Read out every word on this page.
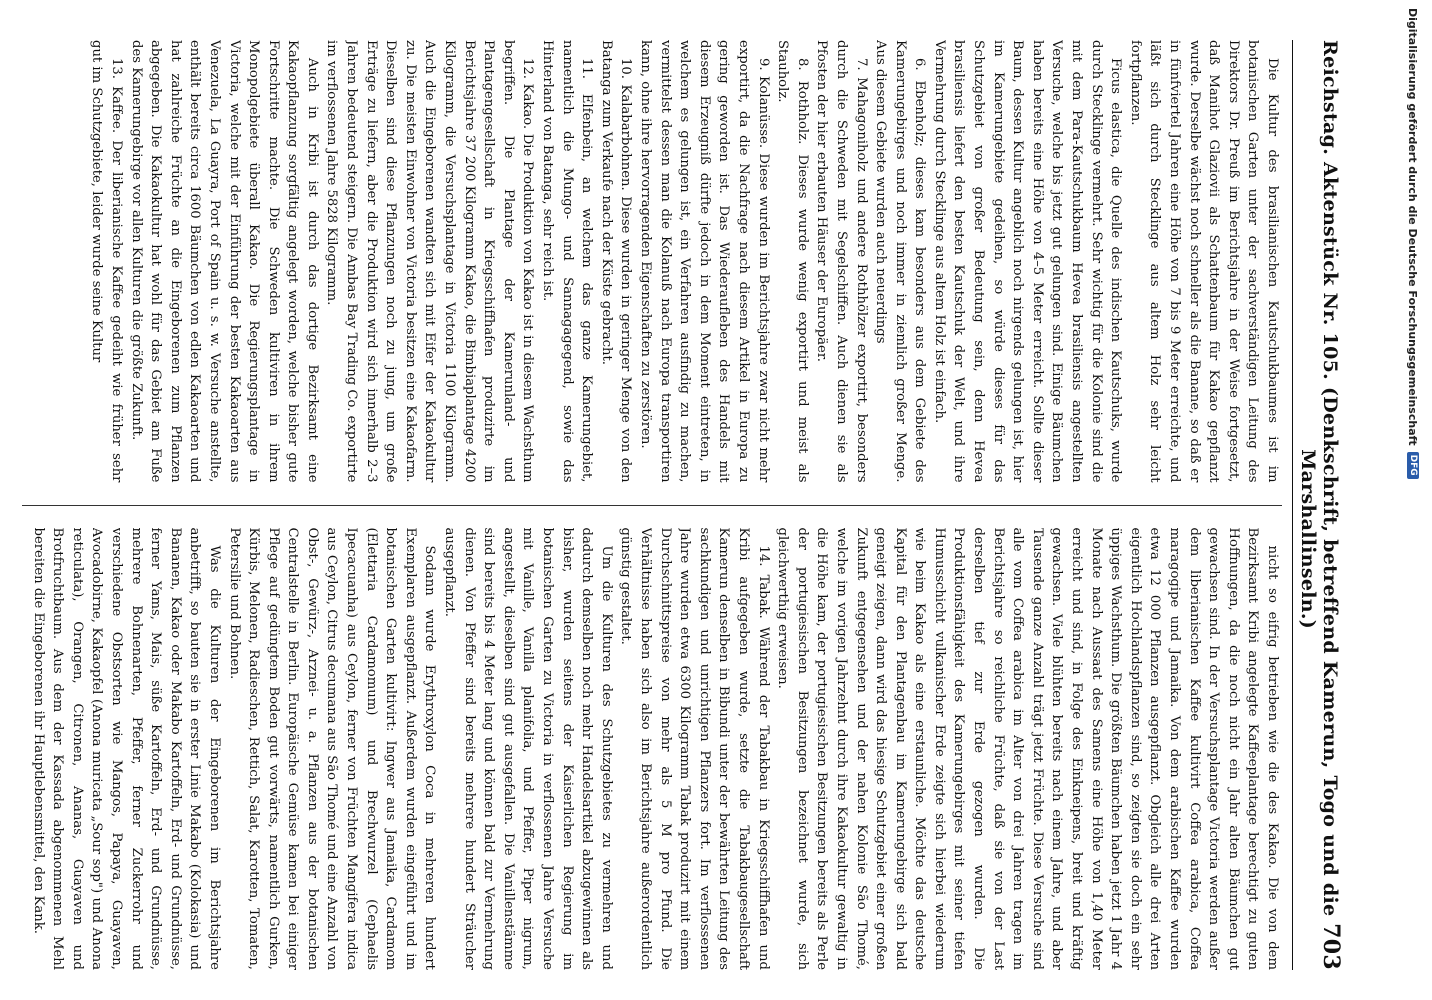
Reichstag.
Aktenstück Nr. 105. (Denkschrift, betreffend Kamerun, Togo und die Marshallinseln.)
703

Die Kultur des brasilianischen Kautschukbaumes ist im botanischen Garten unter der sachverständigen Leitung des Direktors Dr. Preuß im Berichtsjahre in der Weise fortgesetzt, daß Manihot Glaziovii als Schattenbaum für Kakao gepflanzt wurde. Derselbe wächst noch schneller als die Banane, so daß er in fünfviertel Jahren eine Höhe von 7 bis 9 Meter erreichte, und läßt sich durch Stecklinge aus altem Holz sehr leicht fortpflanzen.

Ficus elastica, die Quelle des indischen Kautschuks, wurde durch Stecklinge vermehrt. Sehr wichtig für die Kolonie sind die mit dem Para-Kautschukbaum Hevea brasiliensis angestellten Versuche, welche bis jetzt gut gelungen sind. Einige Bäumchen haben bereits eine Höhe von 4–5 Meter erreicht. Sollte dieser Baum, dessen Kultur angeblich noch nirgends gelungen ist, hier im Kamerungebiete gedeihen, so würde dieses für das Schutzgebiet von großer Bedeutung sein, denn Hevea brasiliensis liefert den besten Kautschuk der Welt, und ihre Vermehrung durch Stecklinge aus altem Holz ist einfach.

6. Ebenholz; dieses kam besonders aus dem Gebiete des Kamerungebirges und noch immer in ziemlich großer Menge. Aus diesem Gebiete wurden auch neuerdings

7. Mahagoniholz und andere Rothhölzer exportirt, besonders durch die Schweden mit Segelschiffen. Auch dienen sie als Pfosten der hier erbauten Häuser der Europäer.

8. Rothholz. Dieses wurde wenig exportirt und meist als Stauholz.

9. Kolanüsse. Diese wurden im Berichtsjahre zwar nicht mehr exportirt, da die Nachfrage nach diesem Artikel in Europa zu gering geworden ist. Das Wiederaufleben des Handels mit diesem Erzeugniß dürfte jedoch in dem Moment eintreten, in welchem es gelungen ist, ein Verfahren ausfindig zu machen, vermittelst dessen man die Kolanuß nach Europa transportiren kann, ohne ihre hervorragenden Eigenschaften zu zerstören.

10. Kalabarbohnen. Diese wurden in geringer Menge von den Batanga zum Verkaufe nach der Küste gebracht.

11. Elfenbein, an welchem das ganze Kamerungebiet, namentlich die Mungo- und Sannagagegend, sowie das Hinterland von Batanga, sehr reich ist.

12. Kakao. Die Produktion von Kakao ist in diesem Wachsthum begriffen. Die Plantage der Kamerunland- und Plantagengesellschaft in Kriegsschiffhafen produzirte im Berichtsjahre 37 200 Kilogramm Kakao, die Bimbiaplantage 4200 Kilogramm, die Versuchsplantage in Victoria 1100 Kilogramm. Auch die Eingeborenen wandten sich mit Eifer der Kakaokultur zu. Die meisten Einwohner von Victoria besitzen eine Kakaofarm. Dieselben sind diese Pflanzungen noch zu jung, um große Erträge zu liefern, aber die Produktion wird sich innerhalb 2–3 Jahren bedeutend steigern. Die Ambas Bay Trading Co. exportirte im verflossenen Jahre 5828 Kilogramm.

Auch in Kribi ist durch das dortige Bezirksamt eine Kakaopflanzung sorgfältig angelegt worden, welche bisher gute Fortschritte machte. Die Schweden kultiviren in ihrem Monopolgebiete überall Kakao. Die Regierungsplantage in Victoria, welche mit der Einführung der besten Kakaoarten aus Venezuela, La Guayra, Port of Spain u. s. w. Versuche anstellte, enthält bereits circa 1600 Bäumchen von edlen Kakaoarten und hat zahlreiche Früchte an die Eingeborenen zum Pflanzen abgegeben. Die Kakaokultur hat wohl für das Gebiet am Fuße des Kamerungebirge vor allen Kulturen die größte Zukunft.

13. Kaffee. Der liberianische Kaffee gedeiht wie früher sehr gut im Schutzgebiete, leider wurde seine Kultur

nicht so eifrig betrieben wie die des Kakao. Die von dem Bezirksamt Kribi angelegte Kaffeeplantage berechtigt zu guten Hoffnungen, da die noch nicht ein Jahr alten Bäumchen gut gewachsen sind. In der Versuchsplantage Victoria werden außer dem liberianischen Kaffee kultivirt Coffea arabica, Coffea maragogipe und Jamaika. Von dem arabischen Kaffee wurden etwa 12 000 Pflanzen ausgepflanzt. Obgleich alle drei Arten eigentlich Hochlandspflanzen sind, so zeigten sie doch ein sehr üppiges Wachsthum. Die größten Bäumchen haben jetzt 1 Jahr 4 Monate nach Aussaat des Samens eine Höhe von 1,40 Meter erreicht und sind, in Folge des Einkneipens, breit und kräftig gewachsen. Viele blühten bereits nach einem Jahre, und aber Tausende ganze Anzahl trägt jetzt Früchte. Diese Versuche sind alle vom Coffea arabica im Alter von drei Jahren tragen im Berichtsjahre so reichliche Früchte, daß sie von der Last derselben tief zur Erde gezogen wurden. Die Produktionsfähigkeit des Kamerungebirges mit seiner tiefen Humusschicht vulkanischer Erde zeigte sich hierbei wiederum wie beim Kakao als eine erstaunliche. Möchte das deutsche Kapital für den Plantagenbau im Kamerungebirge sich bald geneigt zeigen, dann wird das hiesige Schutzgebiet einer großen Zukunft entgegensehen und der nahen Kolonie São Thomé, welche im vorigen Jahrzehnt durch ihre Kakaokultur gewaltig in die Höhe kam, der portugiesischen Besitzungen bereits als Perle der portugiesischen Besitzungen bezeichnet wurde, sich gleichwerthig erweisen.

14. Tabak. Während der Tabakbau in Kriegsschiffhafen und Kribi aufgegeben wurde, setzte die Tabakbaugesellschaft Kamerun denselben in Bibundi unter der bewährten Leitung des sachkundigen und unrichtigen Pflanzers fort. Im verflossenen Jahre wurden etwa 6300 Kilogramm Tabak produzirt mit einem Durchschnittspreise von mehr als 5 M pro Pfund. Die Verhältnisse haben sich also im Berichtsjahre außerordentlich günstig gestaltet.

Um die Kulturen des Schutzgebietes zu vermehren und dadurch demselben noch mehr Handelsartikel abzugewinnen als bisher, wurden seitens der Kaiserlichen Regierung im botanischen Garten zu Victoria in verflossenen Jahre Versuche mit Vanille, Vanilla planifolia, und Pfeffer, Piper nigrum, angestellt, dieselben sind gut ausgefallen. Die Vanillenstämme sind bereits bis 4 Meter lang und können bald zur Vermehrung dienen. Von Pfeffer sind bereits mehrere hundert Sträucher ausgepflanzt.

Sodann wurde Erythroxylon Coca in mehreren hundert Exemplaren ausgepflanzt. Außerdem wurden eingeführt und im botanischen Garten kultivirt: Ingwer aus Jamaika, Cardamom (Elettaria Cardamomum) und Brechwurzel (Cephaelis Ipecacuanha) aus Ceylon, ferner von Früchten Mangifera indica aus Ceylon, Citrus decumana aus São Thomé und eine Anzahl von Obst-, Gewürz-, Arznei- u. a. Pflanzen aus der botanischen Centralstelle in Berlin. Europäische Gemüse kamen bei einiger Pflege auf gedüngtem Boden gut vorwärts, namentlich Gurken, Kürbis, Melonen, Radieschen, Rettich, Salat, Karotten, Tomaten, Petersilie und Bohnen.

Was die Kulturen der Eingeborenen im Berichtsjahre anbetrifft, so bauten sie in erster Linie Makabo (Kolokasia) und Bananen, Kakao oder Makabo Kartoffeln, Erd- und Grundnüsse, ferner Yams, Mais, süße Kartoffeln, Erd- und Grundnüsse, mehrere Bohnenarten, Pfeffer, ferner Zuckerrohr und verschiedene Obstsorten wie Mangos, Papaya, Guayaven, Avocadobirne, Kakaopfel (Anona muricata „Sour sop") und Anona reticulata), Orangen, Citronen, Ananas, Guayaven und Brotfruchtbaum. Aus dem der Kassada abgenommenen Mehl bereiten die Eingeborenen ihr Hauptlebensmittel, den Kank.

Digitalisierung gefördert durch die Deutsche Forschungsgemeinschaft
DFG
